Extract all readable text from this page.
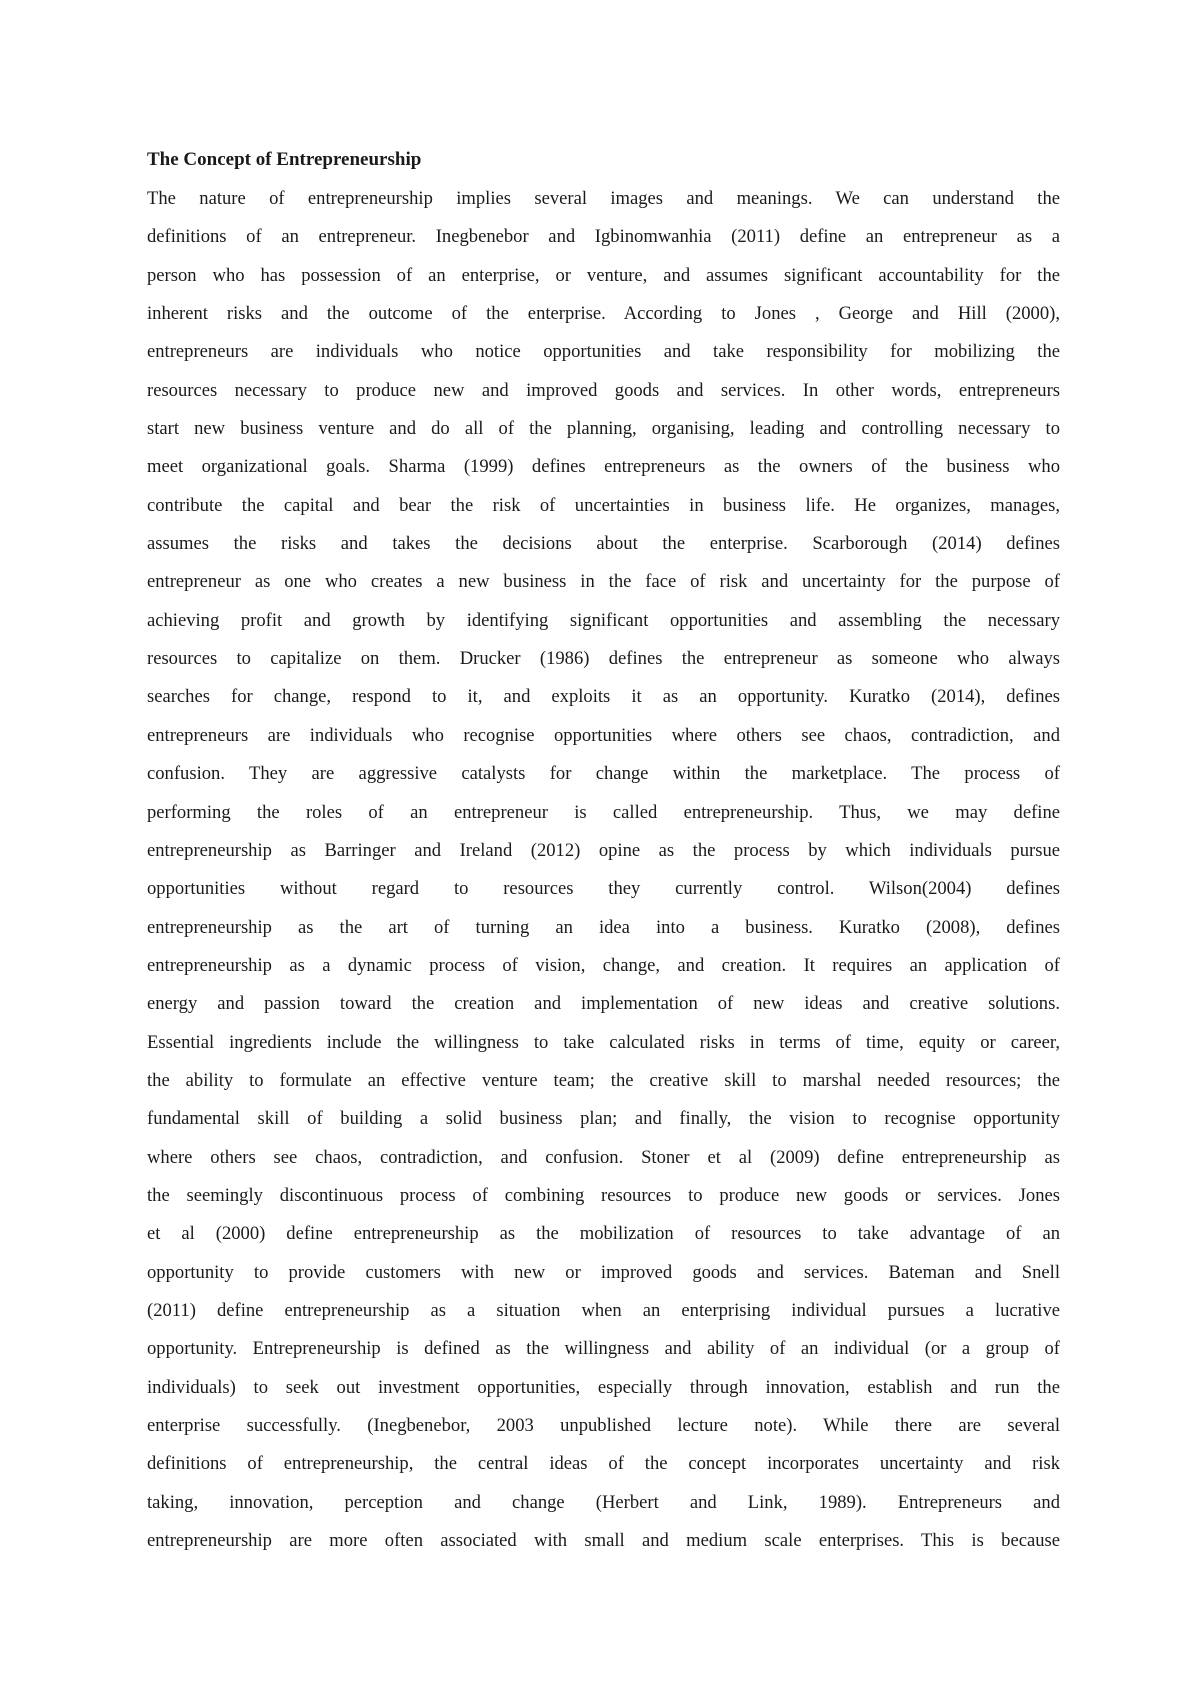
The Concept of Entrepreneurship
The nature of entrepreneurship implies several images and meanings. We can understand the
definitions of an entrepreneur. Inegbenebor and Igbinomwanhia (2011) define an entrepreneur as a
person who has possession of an enterprise, or venture, and assumes significant accountability for the
inherent risks and the outcome of the enterprise. According to Jones , George and Hill (2000),
entrepreneurs are individuals who notice opportunities and take responsibility for mobilizing the
resources necessary to produce new and improved goods and services. In other words, entrepreneurs
start new business venture and do all of the planning, organising, leading and controlling necessary to
meet organizational goals. Sharma (1999) defines entrepreneurs as the owners of the business who
contribute the capital and bear the risk of uncertainties in business life. He organizes, manages,
assumes the risks and takes the decisions about the enterprise. Scarborough (2014) defines
entrepreneur as one who creates a new business in the face of risk and uncertainty for the purpose of
achieving profit and growth by identifying significant opportunities and assembling the necessary
resources to capitalize on them. Drucker (1986) defines the entrepreneur as someone who always
searches for change, respond to it, and exploits it as an opportunity. Kuratko (2014), defines
entrepreneurs are individuals who recognise opportunities where others see chaos, contradiction, and
confusion. They are aggressive catalysts for change within the marketplace. The process of
performing the roles of an entrepreneur is called entrepreneurship. Thus, we may define
entrepreneurship as Barringer and Ireland (2012) opine as the process by which individuals pursue
opportunities without regard to resources they currently control. Wilson(2004) defines
entrepreneurship as the art of turning an idea into a business. Kuratko (2008), defines
entrepreneurship as a dynamic process of vision, change, and creation. It requires an application of
energy and passion toward the creation and implementation of new ideas and creative solutions.
Essential ingredients include the willingness to take calculated risks in terms of time, equity or career,
the ability to formulate an effective venture team; the creative skill to marshal needed resources; the
fundamental skill of building a solid business plan; and finally, the vision to recognise opportunity
where others see chaos, contradiction, and confusion. Stoner et al (2009) define entrepreneurship as
the seemingly discontinuous process of combining resources to produce new goods or services. Jones
et al (2000) define entrepreneurship as the mobilization of resources to take advantage of an
opportunity to provide customers with new or improved goods and services. Bateman and Snell
(2011) define entrepreneurship as a situation when an enterprising individual pursues a lucrative
opportunity. Entrepreneurship is defined as the willingness and ability of an individual (or a group of
individuals) to seek out investment opportunities, especially through innovation, establish and run the
enterprise successfully. (Inegbenebor, 2003 unpublished lecture note). While there are several
definitions of entrepreneurship, the central ideas of the concept incorporates uncertainty and risk
taking, innovation, perception and change (Herbert and Link, 1989). Entrepreneurs and
entrepreneurship are more often associated with small and medium scale enterprises. This is because
